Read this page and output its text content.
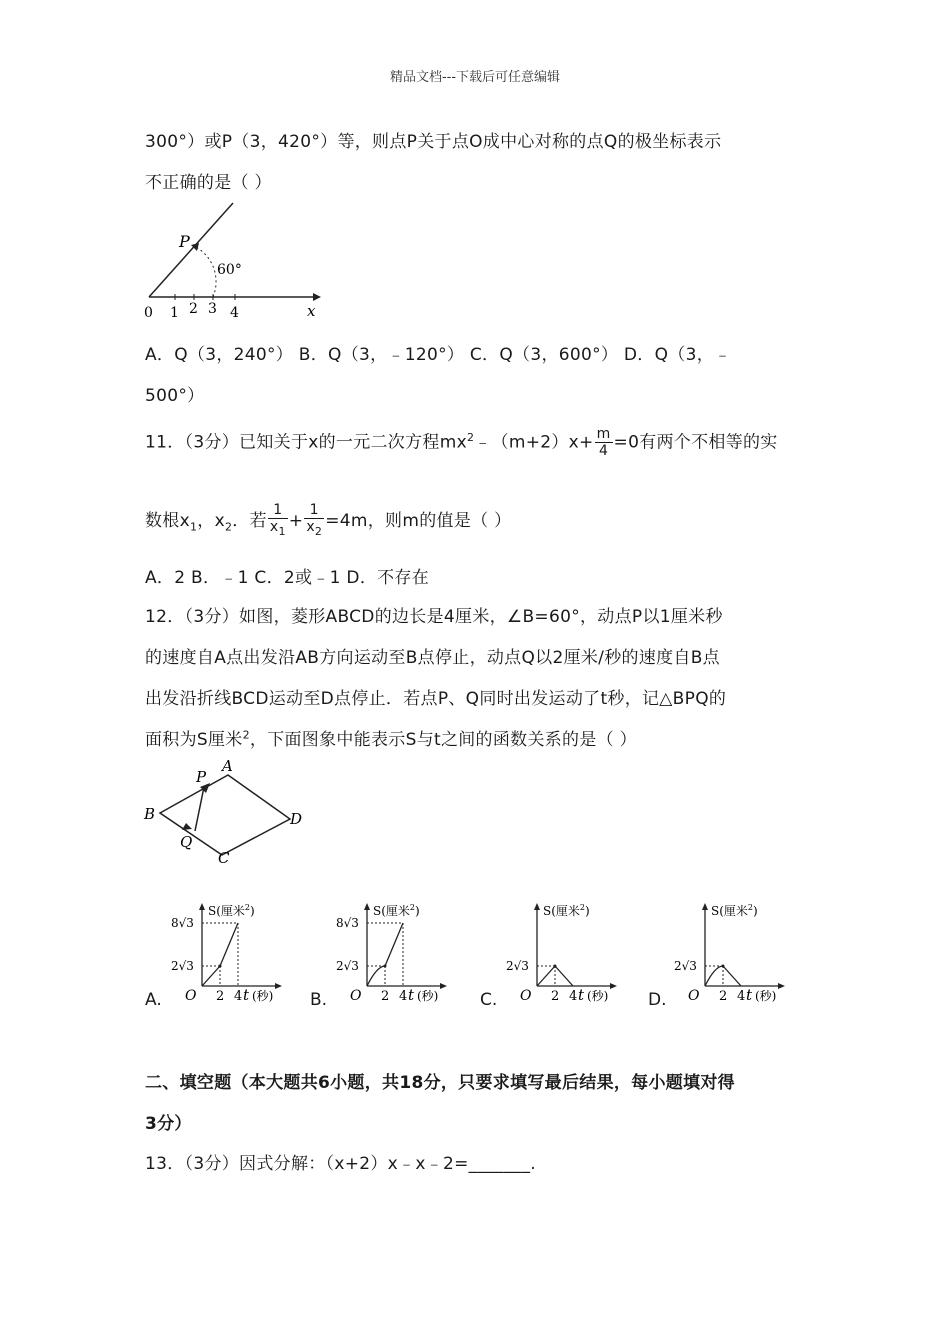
精品文档---下载后可任意编辑
300°）或P（3，420°）等，则点P关于点O成中心对称的点Q的极坐标表示
不正确的是（ ）
P
60°
x
0 1 2 3 4
A．Q（3，240°） B．Q（3，﹣120°） C．Q（3，600°） D．Q（3，﹣
500°）
11．（3分）已知关于x的一元二次方程$mx^2﹣(m+2)x+ \frac{m}{4} =0$有两个不相等的实
数根$x_1$，$x_2$．若 $\frac{1}{x_1} + \frac{1}{x_2} =4m$，则m的值是（ ）
A．2 B．﹣1 C．2或﹣1 D．不存在
12．（3分）如图，菱形ABCD的边长是4厘米，∠B=60°，动点P以1厘米秒
的速度自A点出发沿AB方向运动至B点停止，动点Q以2厘米/秒的速度自B点
出发沿折线BCD运动至D点停止．若点P、Q同时出发运动了t秒，记△BPQ的
面积为S厘米$^2$，下面图象中能表示S与t之间的函数关系的是（ ）
A
B
C
D
P
Q
A.
S(厘米$^2$)
O 2 4 t (秒)
2√3
8√3
B.
S(厘米$^2$)
O 2 4 t (秒)
2√3
8√3
C.
S(厘米$^2$)
O 2 4 t (秒)
2√3
D.
S(厘米$^2$)
O 2 4 t (秒)
2√3
二、填空题（本大题共6小题，共18分，只要求填写最后结果，每小题填对得
3分）
13．（3分）因式分解：（x+2）x﹣x﹣2=_______.
